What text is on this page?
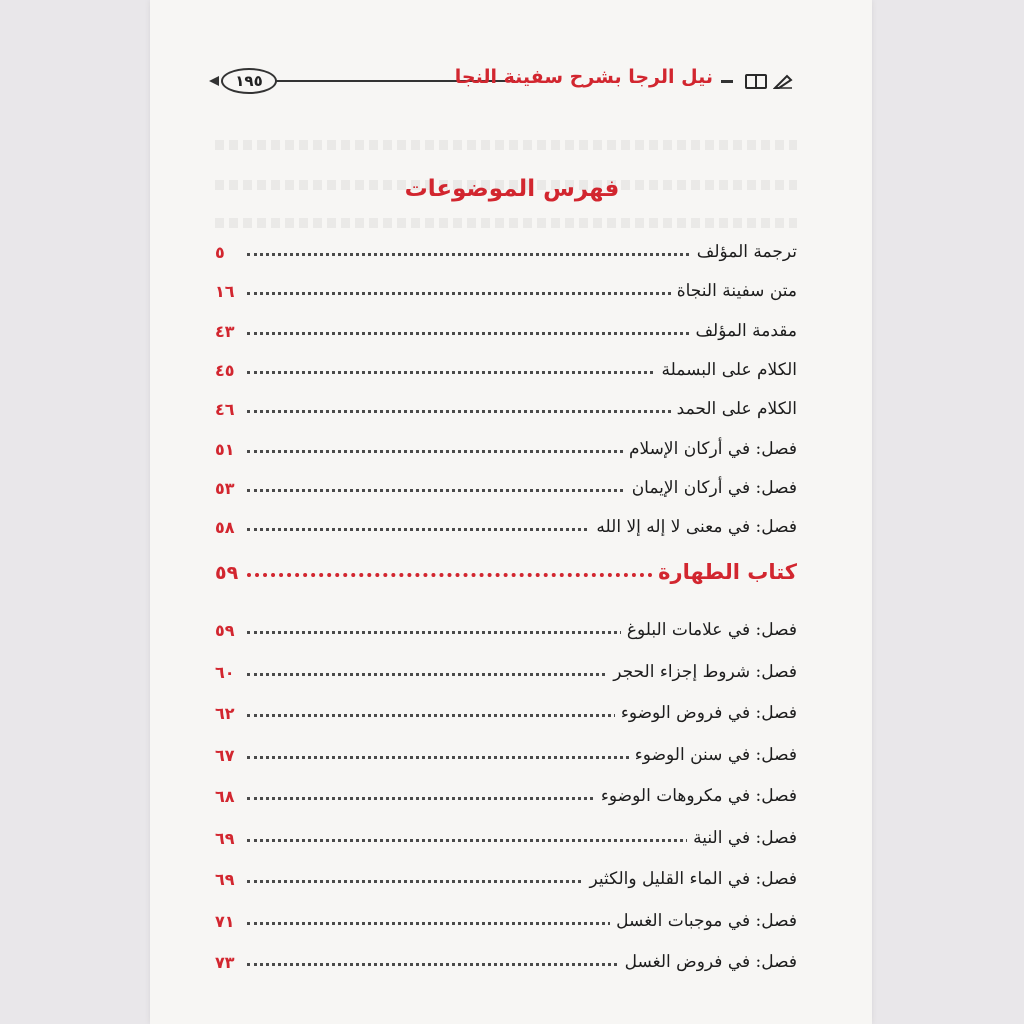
١٩٥	نيل الرجا بشرح سفينة النجا
فهرس الموضوعات
ترجمة المؤلف
٥
متن سفينة النجاة
١٦
مقدمة المؤلف
٤٣
الكلام على البسملة
٤٥
الكلام على الحمد
٤٦
فصل: في أركان الإسلام
٥١
فصل: في أركان الإيمان
٥٣
فصل: في معنى لا إله إلا الله
٥٨
كتاب الطهارة
٥٩
فصل: في علامات البلوغ
٥٩
فصل: شروط إجزاء الحجر
٦٠
فصل: في فروض الوضوء
٦٢
فصل: في سنن الوضوء
٦٧
فصل: في مكروهات الوضوء
٦٨
فصل: في النية
٦٩
فصل: في الماء القليل والكثير
٦٩
فصل: في موجبات الغسل
٧١
فصل: في فروض الغسل
٧٣
